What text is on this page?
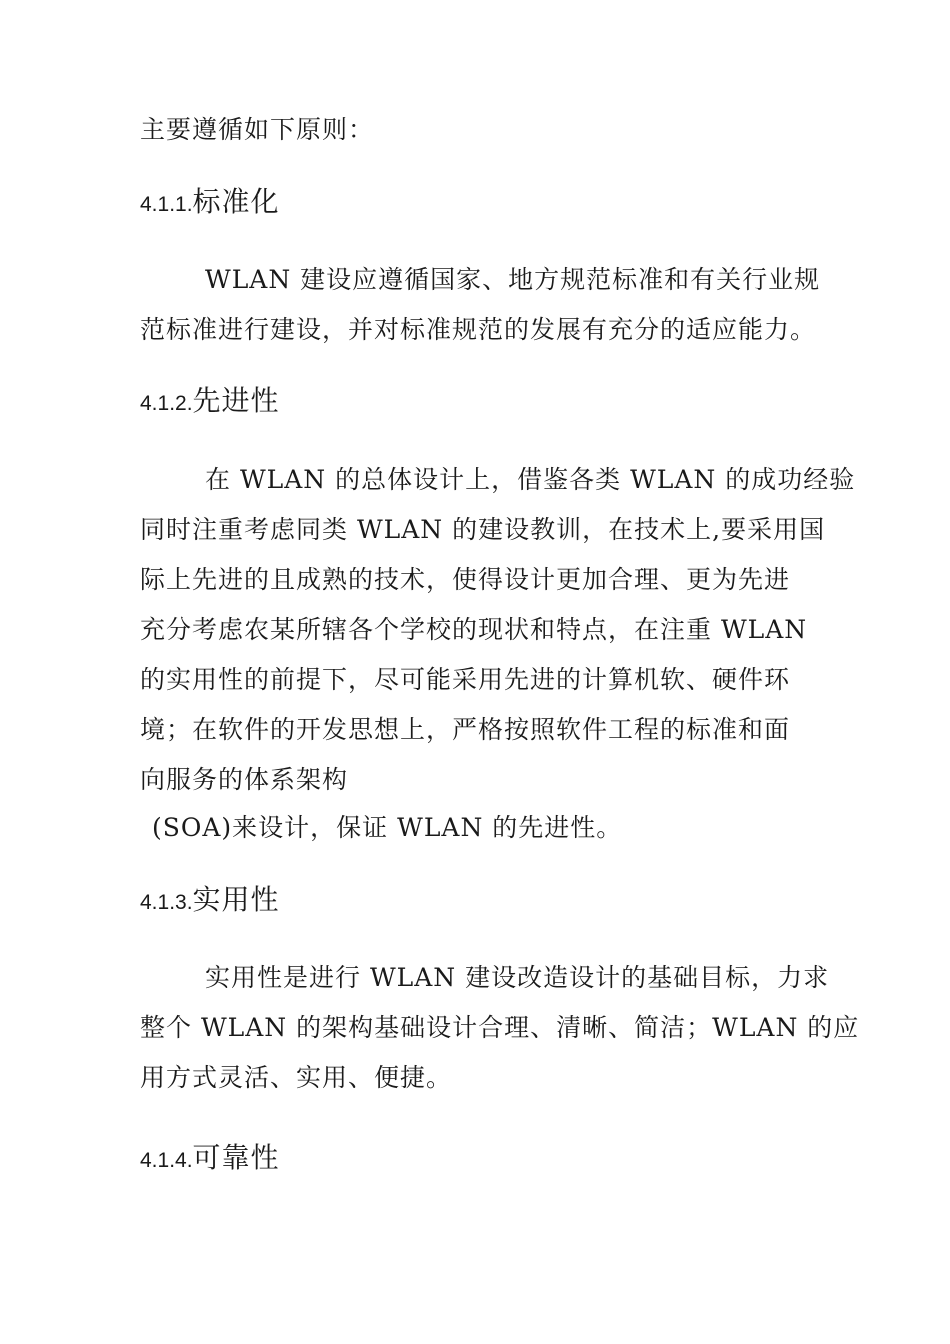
主要遵循如下原则：
4.1.1.标准化
WLAN 建设应遵循国家、地方规范标准和有关行业规
范标准进行建设，并对标准规范的发展有充分的适应能力。
4.1.2.先进性
在 WLAN 的总体设计上，借鉴各类 WLAN 的成功经验
同时注重考虑同类 WLAN 的建设教训，在技术上,要采用国
际上先进的且成熟的技术，使得设计更加合理、更为先进
充分考虑农某所辖各个学校的现状和特点，在注重 WLAN
的实用性的前提下，尽可能采用先进的计算机软、硬件环
境；在软件的开发思想上，严格按照软件工程的标准和面
向服务的体系架构
(SOA)来设计，保证 WLAN 的先进性。
4.1.3.实用性
实用性是进行 WLAN 建设改造设计的基础目标，力求
整个 WLAN 的架构基础设计合理、清晰、简洁；WLAN 的应
用方式灵活、实用、便捷。
4.1.4.可靠性
